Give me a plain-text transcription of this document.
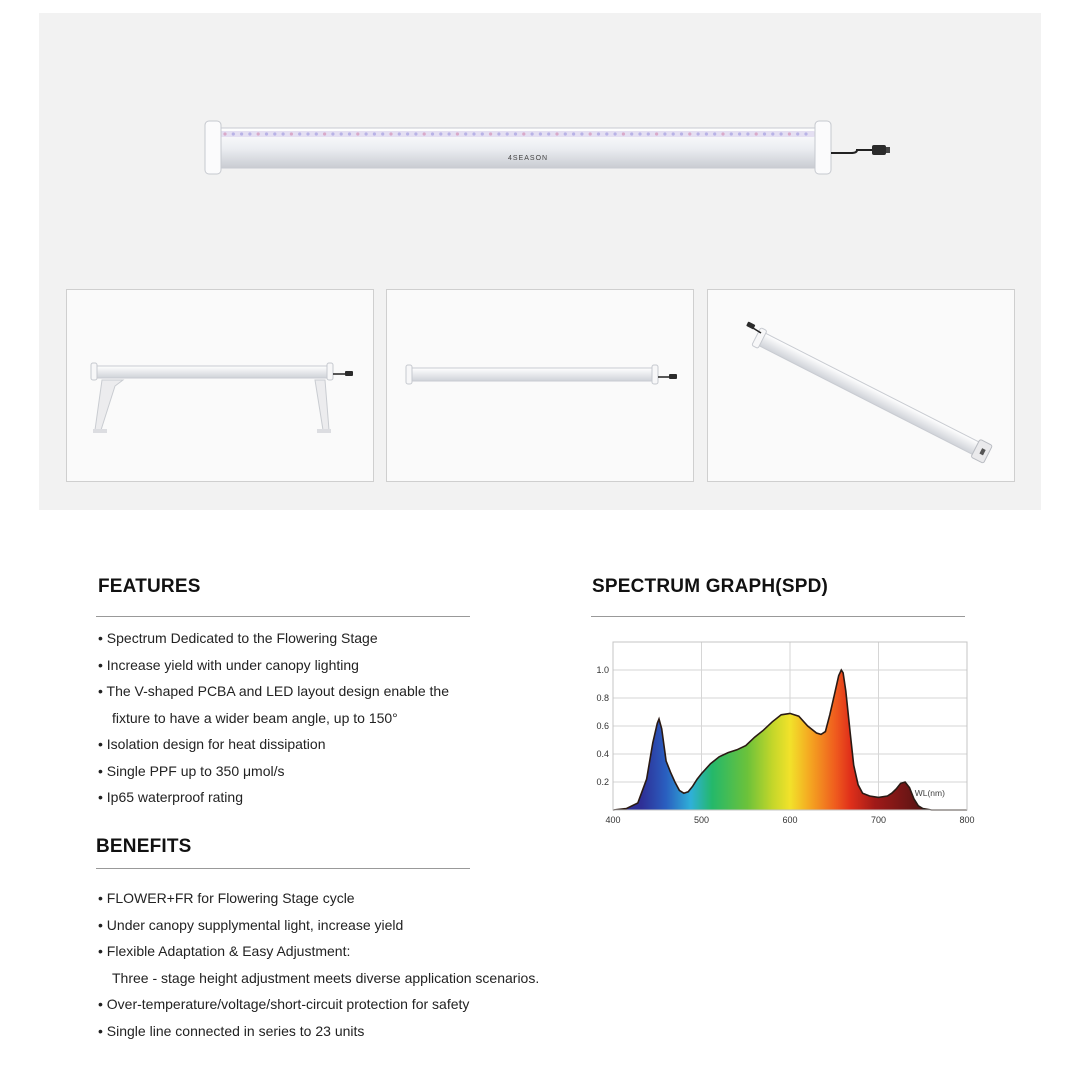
4SEASON
FEATURES
• Spectrum Dedicated to the Flowering Stage
• Increase yield with under canopy lighting
• The V-shaped PCBA and LED layout design enable the
fixture to have a wider beam angle, up to 150°
• Isolation design for heat dissipation
• Single PPF up to 350 μmol/s
• Ip65 waterproof rating
BENEFITS
• FLOWER+FR for Flowering Stage cycle
• Under canopy supplymental light, increase yield
• Flexible Adaptation & Easy Adjustment:
Three - stage height adjustment meets diverse application scenarios.
• Over-temperature/voltage/short-circuit protection for safety
• Single line connected in series to 23 units
SPECTRUM GRAPH(SPD)
0.2
0.4
0.6
0.8
1.0
400	500	600	700	800
WL(nm)
